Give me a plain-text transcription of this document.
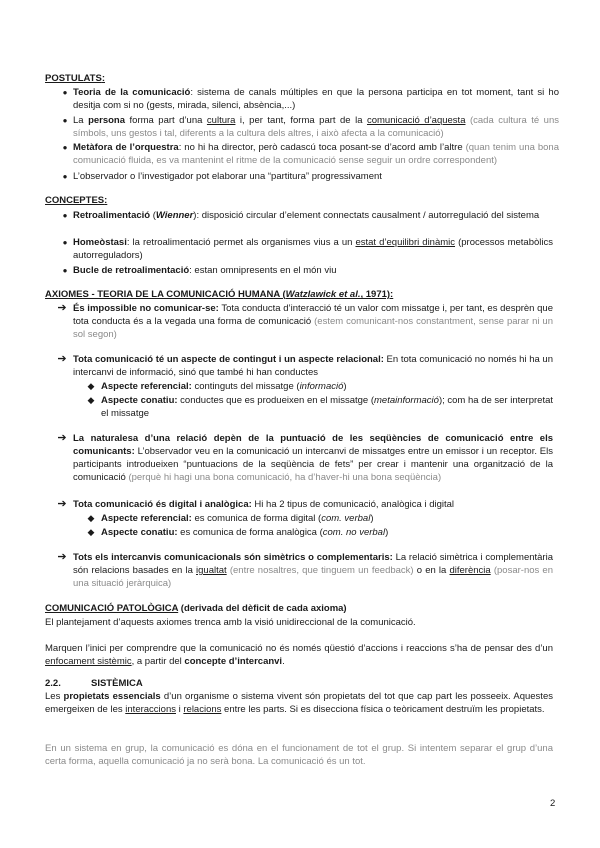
POSTULATS:
● Teoria de la comunicació: sistema de canals múltiples en que la persona participa en tot moment, tant si ho desitja com si no (gests, mirada, silenci, absència,...)
● La persona forma part d’una cultura i, per tant, forma part de la comunicació d’aquesta (cada cultura té uns símbols, uns gestos i tal, diferents a la cultura dels altres, i això afecta a la comunicació)
● Metàfora de l’orquestra: no hi ha director, però cadascú toca posant-se d’acord amb l’altre (quan tenim una bona comunicació fluida, es va mantenint el ritme de la comunicació sense seguir un ordre correspondent)
● L’observador o l’investigador pot elaborar una “partitura” progressivament
CONCEPTES:
● Retroalimentació (Wienner): disposició circular d’element connectats causalment / autorregulació del sistema
● Homeòstasi: la retroalimentació permet als organismes vius a un estat d’equilibri dinàmic (processos metabòlics autorreguladors)
● Bucle de retroalimentació: estan omnipresents en el món viu
AXIOMES - TEORIA DE LA COMUNICACIÓ HUMANA (Watzlawick et al., 1971):
➔ És impossible no comunicar-se: Tota conducta d’interacció té un valor com missatge i, per tant, es desprèn que tota conducta és a la vegada una forma de comunicació (estem comunicant-nos constantment, sense parar ni un sol segon)
➔ Tota comunicació té un aspecte de contingut i un aspecte relacional: En tota comunicació no només hi ha un intercanvi de informació, sinó que també hi han conductes
◆ Aspecte referencial: continguts del missatge (informació)
◆ Aspecte conatiu: conductes que es produeixen en el missatge (metainformació); com ha de ser interpretat el missatge
➔ La naturalesa d’una relació depèn de la puntuació de les seqüències de comunicació entre els comunicants: L’observador veu en la comunicació un intercanvi de missatges entre un emissor i un receptor. Els participants introdueixen “puntuacions de la seqüència de fets” per crear i mantenir una organització de la comunicació (perquè hi hagi una bona comunicació, ha d’haver-hi una bona seqüència)
➔ Tota comunicació és digital i analògica: Hi ha 2 tipus de comunicació, analògica i digital
◆ Aspecte referencial: es comunica de forma digital (com. verbal)
◆ Aspecte conatiu: es comunica de forma analògica (com. no verbal)
➔ Tots els intercanvis comunicacionals són simètrics o complementaris: La relació simètrica i complementària són relacions basades en la igualtat (entre nosaltres, que tinguem un feedback) o en la diferència (posar-nos en una situació jeràrquica)
COMUNICACIÓ PATOLÒGICA (derivada del dèficit de cada axioma)
El plantejament d’aquests axiomes trenca amb la visió unidireccional de la comunicació.
Marquen l’inici per comprendre que la comunicació no és només qüestió d’accions i reaccions s’ha de pensar des d’un enfocament sistèmic, a partir del concepte d’intercanvi.
2.2.	SISTÈMICA
Les propietats essencials d’un organisme o sistema vivent són propietats del tot que cap part les posseeix. Aquestes emergeixen de les interaccions i relacions entre les parts. Si es disecciona física o teòricament destruïm les propietats.
En un sistema en grup, la comunicació es dóna en el funcionament de tot el grup. Si intentem separar el grup d’una certa forma, aquella comunicació ja no serà bona. La comunicació és un tot.
2
